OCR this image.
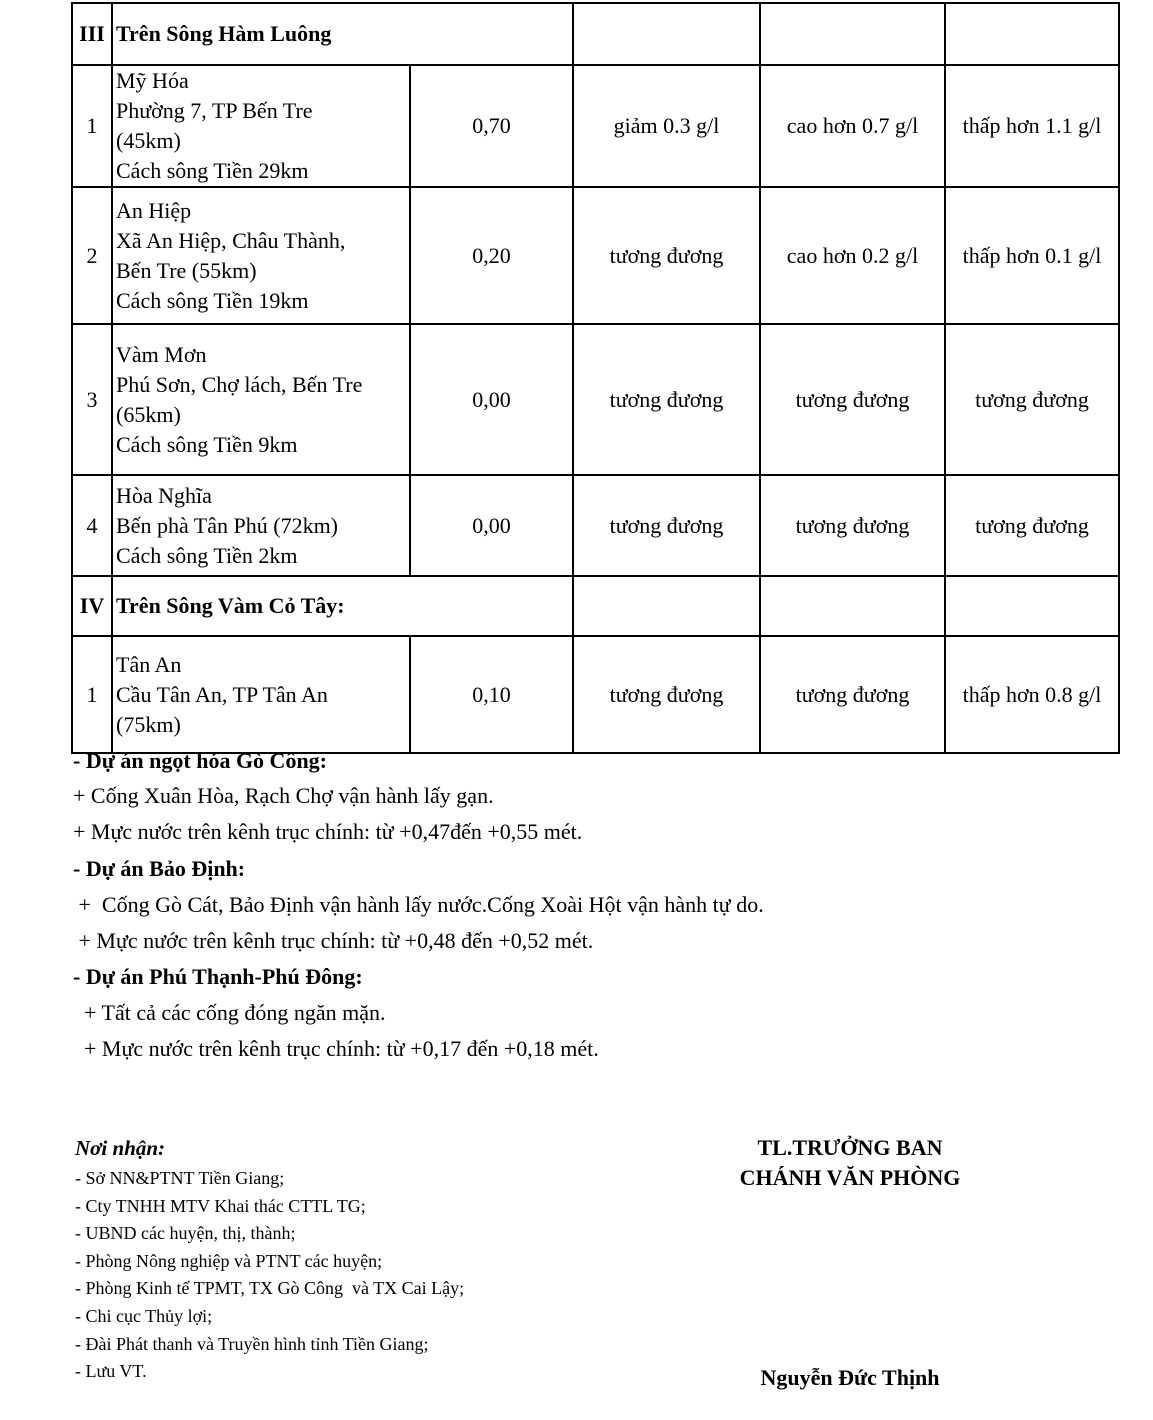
III	Trên Sông Hàm Luông				
1	Mỹ Hóa
Phường 7, TP Bến Tre
(45km)
Cách sông Tiền 29km	0,70	giảm 0.3 g/l	cao hơn 0.7 g/l	thấp hơn 1.1 g/l
2	An Hiệp
Xã An Hiệp, Châu Thành,
Bến Tre (55km)
Cách sông Tiền 19km	0,20	tương đương	cao hơn 0.2 g/l	thấp hơn 0.1 g/l
3	Vàm Mơn
Phú Sơn, Chợ lách, Bến Tre
(65km)
Cách sông Tiền 9km	0,00	tương đương	tương đương	tương đương
4	Hòa Nghĩa
Bến phà Tân Phú (72km)
Cách sông Tiền 2km	0,00	tương đương	tương đương	tương đương
IV	Trên Sông Vàm Cỏ Tây:				
1	Tân An
Cầu Tân An, TP Tân An
(75km)	0,10	tương đương	tương đương	thấp hơn 0.8 g/l
- Dự án ngọt hóa Gò Công:
+ Cống Xuân Hòa, Rạch Chợ vận hành lấy gạn.
+ Mực nước trên kênh trục chính: từ +0,47đến +0,55 mét.
- Dự án Bảo Định:
+  Cống Gò Cát, Bảo Định vận hành lấy nước.Cống Xoài Hột vận hành tự do.
+ Mực nước trên kênh trục chính: từ +0,48 đến +0,52 mét.
- Dự án Phú Thạnh-Phú Đông:
+ Tất cả các cống đóng ngăn mặn.
+ Mực nước trên kênh trục chính: từ +0,17 đến +0,18 mét.
Nơi nhận:
- Sở NN&PTNT Tiền Giang;
- Cty TNHH MTV Khai thác CTTL TG;
- UBND các huyện, thị, thành;
- Phòng Nông nghiệp và PTNT các huyện;
- Phòng Kinh tế TPMT, TX Gò Công  và TX Cai Lậy;
- Chi cục Thủy lợi;
- Đài Phát thanh và Truyền hình tỉnh Tiền Giang;
- Lưu VT.
TL.TRƯỞNG BAN
CHÁNH VĂN PHÒNG
Nguyễn Đức Thịnh
